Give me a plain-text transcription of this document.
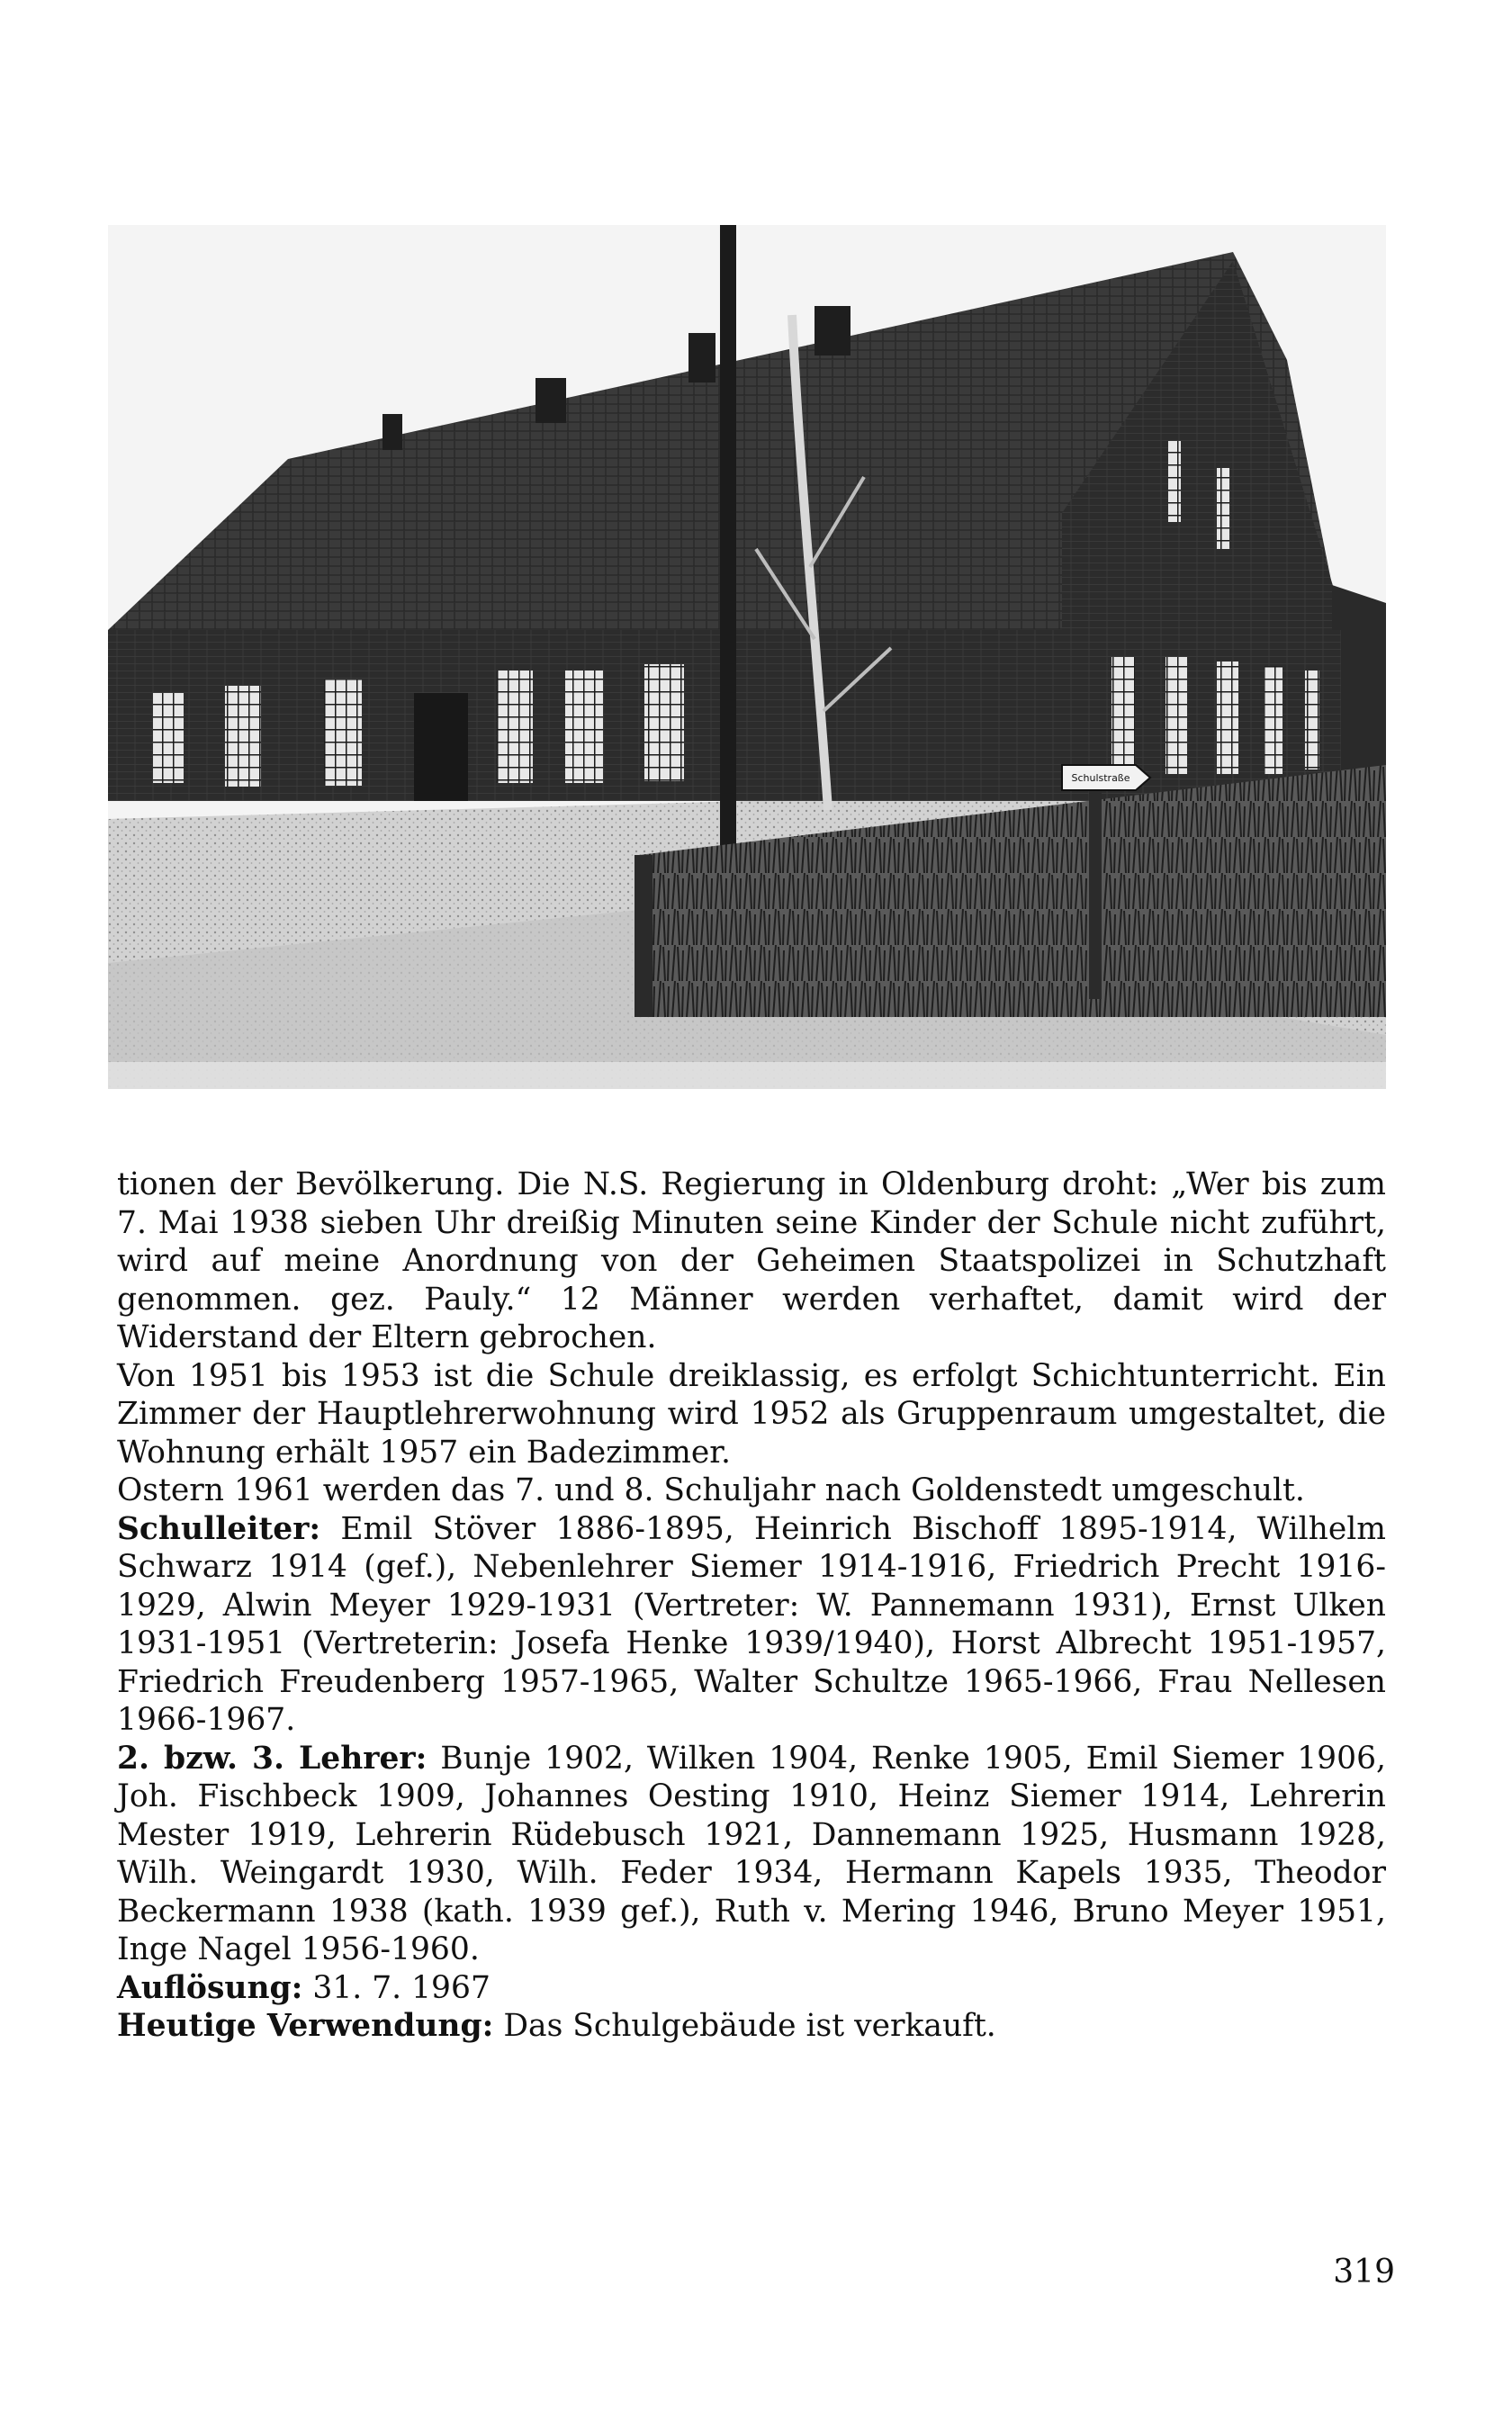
Schulstraße

tionen der Bevölkerung. Die N.S. Regierung in Oldenburg droht: „Wer bis zum 7. Mai 1938 sieben Uhr dreißig Minuten seine Kinder der Schule nicht zuführt, wird auf meine Anordnung von der Geheimen Staatspolizei in Schutzhaft genommen. gez. Pauly.“ 12 Männer werden verhaftet, damit wird der Widerstand der Eltern gebrochen.

Von 1951 bis 1953 ist die Schule dreiklassig, es erfolgt Schichtunterricht. Ein Zimmer der Hauptlehrerwohnung wird 1952 als Gruppenraum umgestaltet, die Wohnung erhält 1957 ein Badezimmer.

Ostern 1961 werden das 7. und 8. Schuljahr nach Goldenstedt umgeschult.

Schulleiter: Emil Stöver 1886-1895, Heinrich Bischoff 1895-1914, Wilhelm Schwarz 1914 (gef.), Nebenlehrer Siemer 1914-1916, Friedrich Precht 1916-1929, Alwin Meyer 1929-1931 (Vertreter: W. Pannemann 1931), Ernst Ulken 1931-1951 (Vertreterin: Josefa Henke 1939/1940), Horst Albrecht 1951-1957, Friedrich Freudenberg 1957-1965, Walter Schultze 1965-1966, Frau Nellesen 1966-1967.

2. bzw. 3. Lehrer: Bunje 1902, Wilken 1904, Renke 1905, Emil Siemer 1906, Joh. Fischbeck 1909, Johannes Oesting 1910, Heinz Siemer 1914, Lehrerin Mester 1919, Lehrerin Rüdebusch 1921, Dannemann 1925, Husmann 1928, Wilh. Weingardt 1930, Wilh. Feder 1934, Hermann Kapels 1935, Theodor Beckermann 1938 (kath. 1939 gef.), Ruth v. Mering 1946, Bruno Meyer 1951, Inge Nagel 1956-1960.

Auflösung: 31. 7. 1967

Heutige Verwendung: Das Schulgebäude ist verkauft.

319
